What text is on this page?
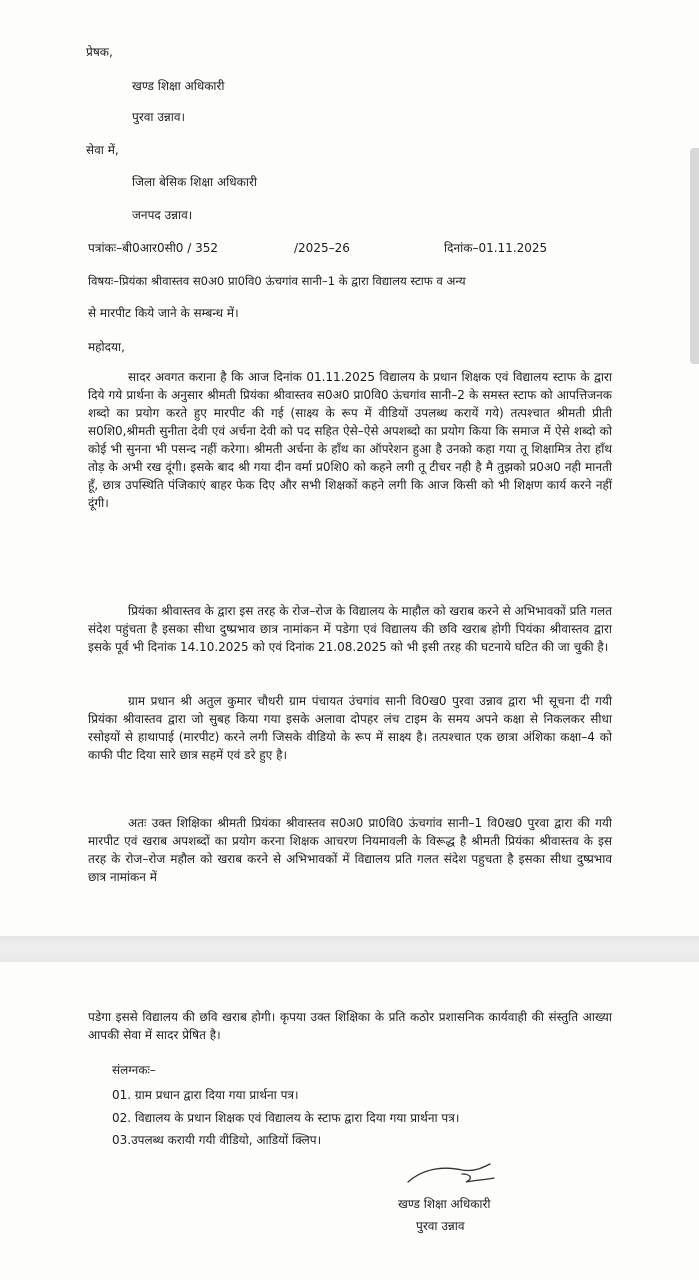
प्रेषक,
खण्ड शिक्षा अधिकारी
पुरवा उन्नाव।
सेवा में,
जिला बेसिक शिक्षा अधिकारी
जनपद उन्नाव।
पत्रांकः–बी0आर0सी0 / 352	/2025–26	दिनांक–01.11.2025
विषयः–प्रियंका श्रीवास्तव स0अ0 प्रा0वि0 ऊंचगांव सानी–1 के द्वारा विद्यालय स्टाफ व अन्य
से मारपीट किये जाने के सम्बन्ध में।
महोदया,

सादर अवगत कराना है कि आज दिनांक 01.11.2025 विद्यालय के प्रधान शिक्षक एवं विद्यालय स्टाफ के द्वारा दिये गये प्रार्थना के अनुसार श्रीमती प्रियंका श्रीवास्तव स0अ0 प्रा0वि0 ऊंचगांव सानी–2 के समस्त स्टाफ को आपत्तिजनक शब्दो का प्रयोग करते हुए मारपीट की गई (साक्ष्य के रूप में वीडियों उपलब्ध करायें गये) तत्पश्चात श्रीमती प्रीती स0शि0,श्रीमती सुनीता देवी एवं अर्चना देवी को पद सहित ऐसे–ऐसे अपशब्दो का प्रयोग किया कि समाज में ऐसे शब्दो को कोई भी सुनना भी पसन्द नहीं करेगा। श्रीमती अर्चना के हाँथ का ऑपरेशन हुआ है उनको कहा गया तू शिक्षामित्र तेरा हाँथ तोड़ के अभी रख दूंगी। इसके बाद श्री गया दीन वर्मा प्र0शि0 को कहने लगी तू टीचर नही है मै तुझको प्र0अ0 नही मानती हूँ, छात्र उपस्थिति पंजिकाएं बाहर फेक दिए और सभी शिक्षकों कहने लगी कि आज किसी को भी शिक्षण कार्य करने नहीं दूंगी।

प्रियंका श्रीवास्तव के द्वारा इस तरह के रोज–रोज के विद्यालय के माहौल को खराब करने से अभिभावकों प्रति गलत संदेश पहुंचता है इसका सीधा दुष्प्रभाव छात्र नामांकन में पडेगा एवं विद्यालय की छवि खराब होगी पियंका श्रीवास्तव द्वारा इसके पूर्व भी दिनांक 14.10.2025 को एवं दिनांक 21.08.2025 को भी इसी तरह की घटनाये घटित की जा चुकी है।

ग्राम प्रधान श्री अतुल कुमार चौधरी ग्राम पंचायत उंचगांव सानी वि0ख0 पुरवा उन्नाव द्वारा भी सूचना दी गयी प्रियंका श्रीवास्तव द्वारा जो सुबह किया गया इसके अलावा दोपहर लंच टाइम के समय अपने कक्षा से निकलकर सीधा रसोइयों से हाथापाई (मारपीट) करने लगी जिसके वीडियो के रूप में साक्ष्य है। तत्पश्चात एक छात्रा अंशिका कक्षा–4 को काफी पीट दिया सारे छात्र सहमें एवं डरे हुए है।

अतः उक्त शिक्षिका श्रीमती प्रियंका श्रीवास्तव स0अ0 प्रा0वि0 ऊंचगांव सानी–1 वि0ख0 पुरवा द्वारा की गयी मारपीट एवं खराब अपशब्दों का प्रयोग करना शिक्षक आचरण नियमावली के विरूद्ध है श्रीमती प्रियंका श्रीवास्तव के इस तरह के रोज–रोज महौल को खराब करने से अभिभावकों में विद्यालय प्रति गलत संदेश पहुचता है इसका सीधा दुष्प्रभाव छात्र नामांकन में

पडेगा इससे विद्यालय की छवि खराब होगी। कृपया उक्त शिक्षिका के प्रति कठोर प्रशासनिक कार्यवाही की संस्तुति आख्या आपकी सेवा में सादर प्रेषित है।

संलग्नकः–
01. ग्राम प्रधान द्वारा दिया गया प्रार्थना पत्र।
02. विद्यालय के प्रधान शिक्षक एवं विद्यालय के स्टाफ द्वारा दिया गया प्रार्थना पत्र।
03.उपलब्ध करायी गयी वीडियो, आडियों क्लिप।
खण्ड शिक्षा अधिकारी
पुरवा उन्नाव
